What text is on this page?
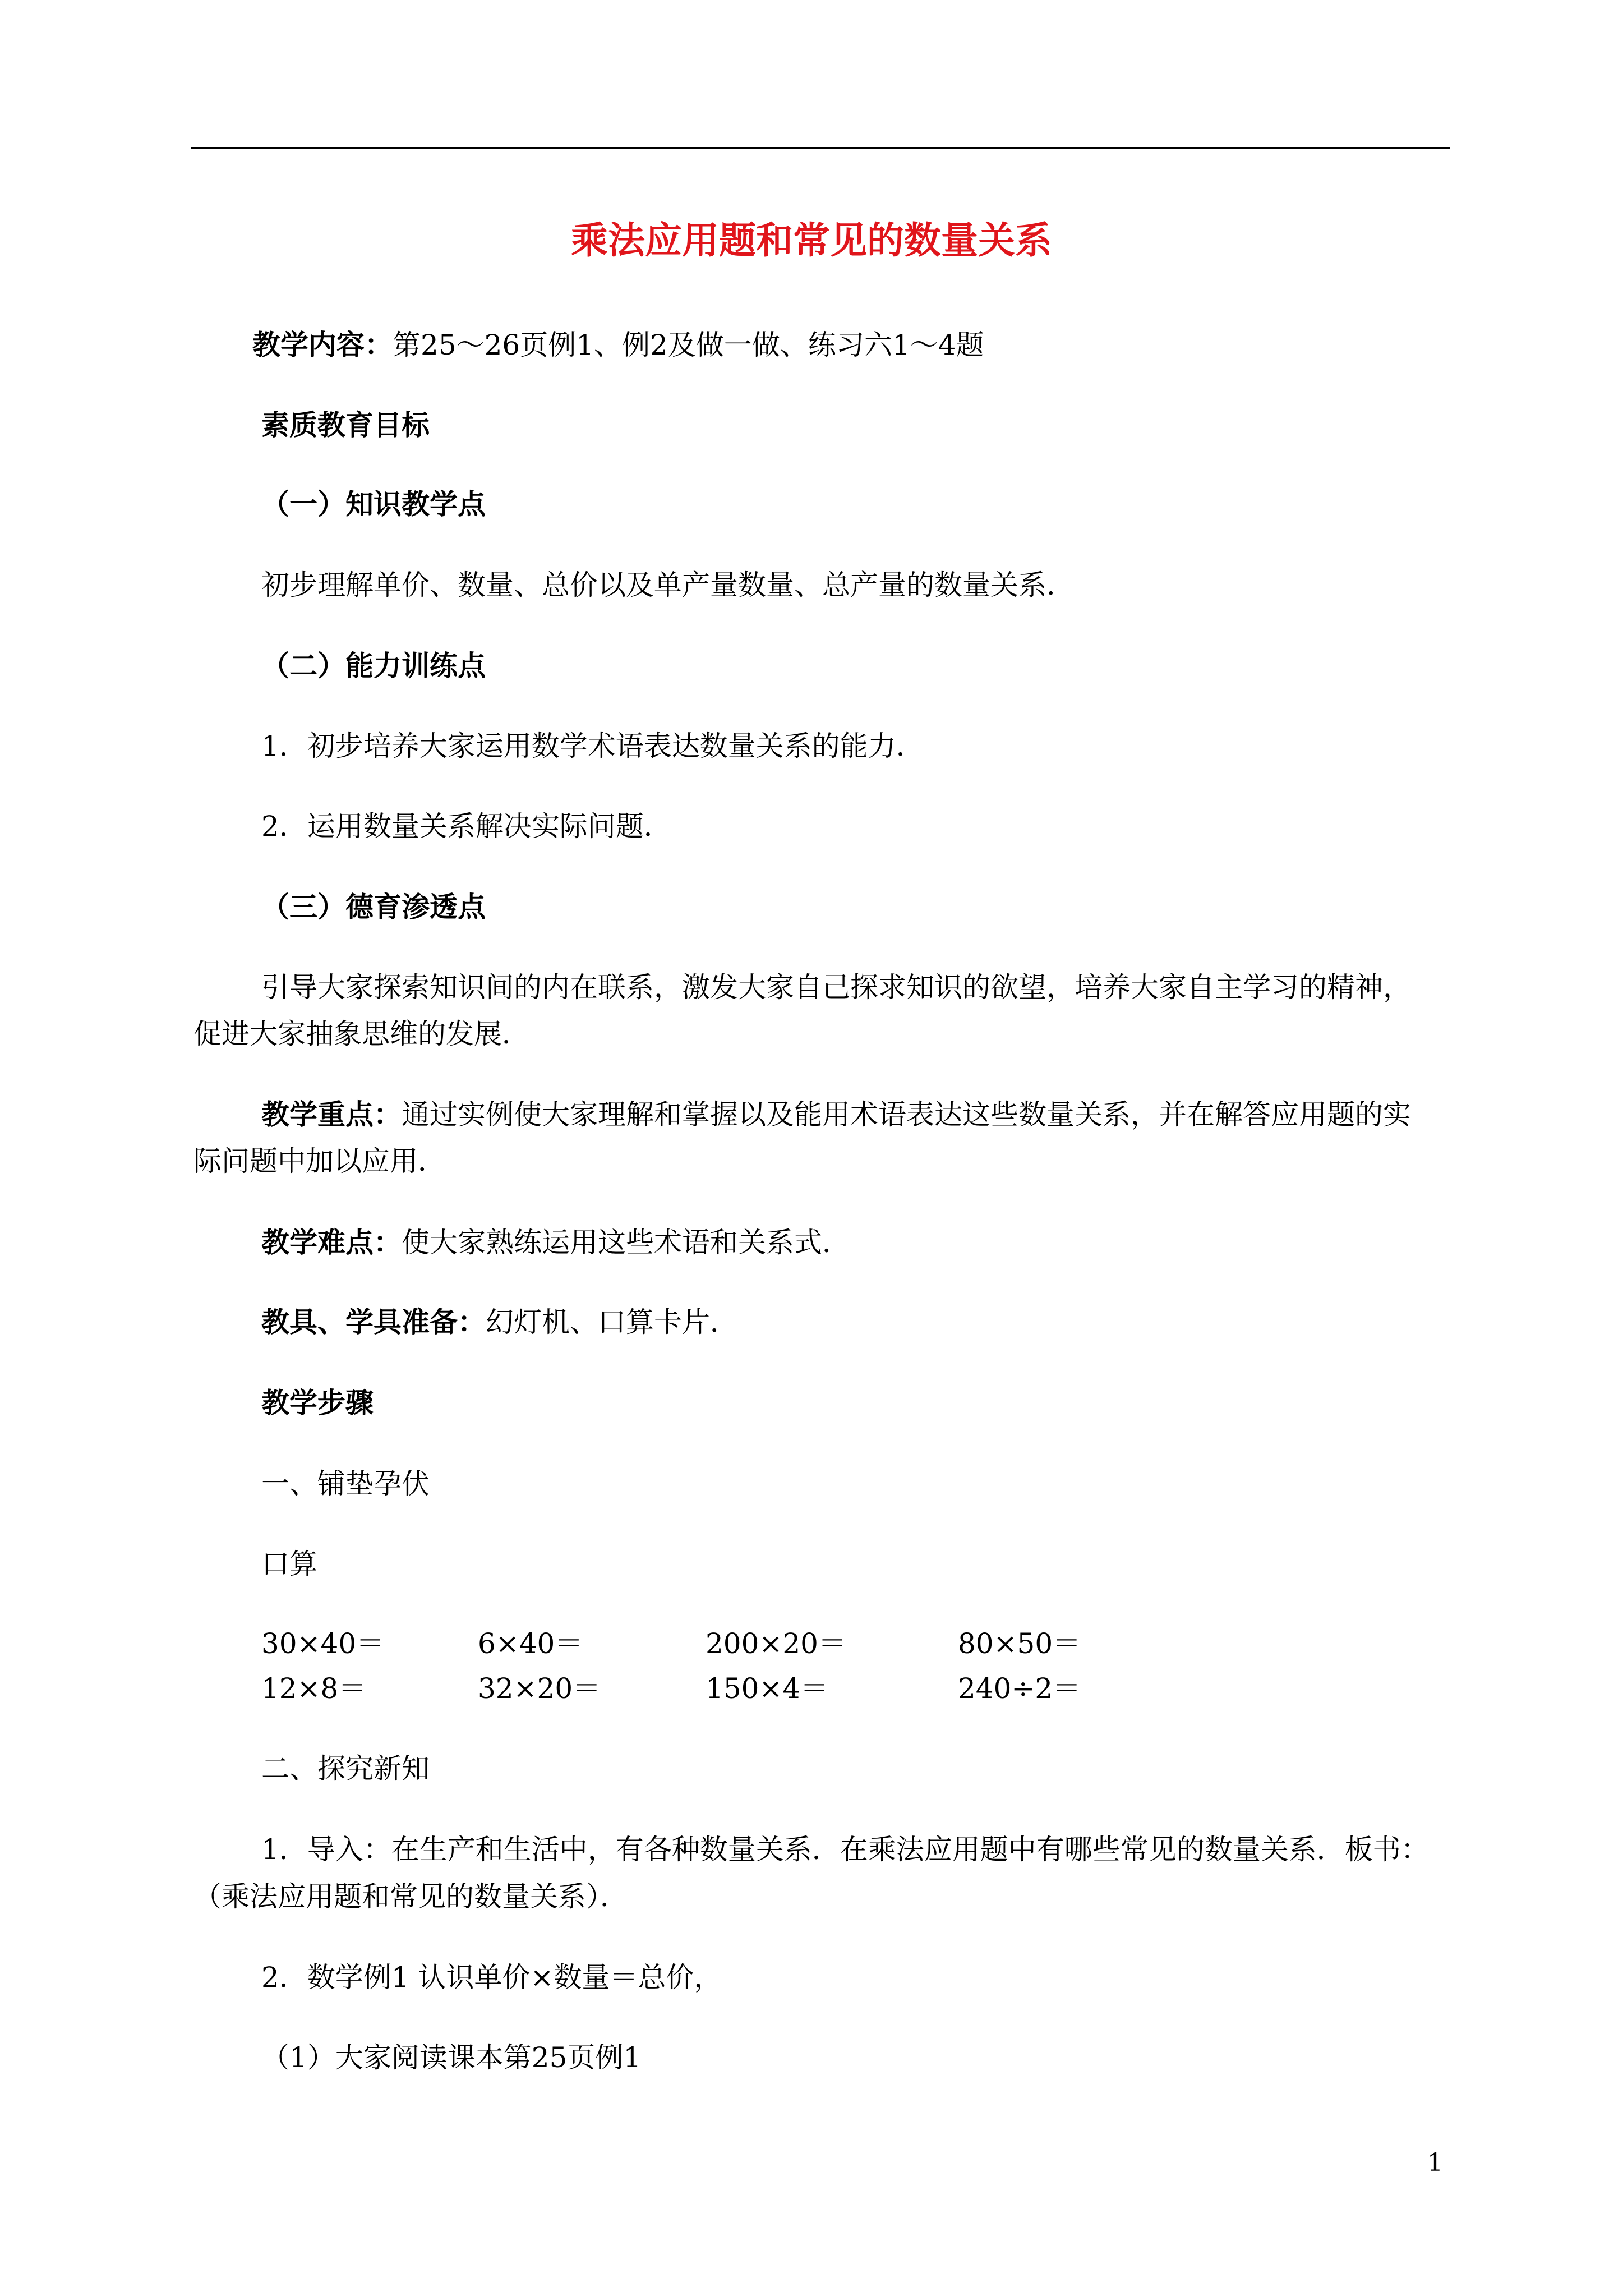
乘法应用题和常见的数量关系
教学内容：第25～26页例1、例2及做一做、练习六1～4题
素质教育目标
（一）知识教学点
初步理解单价、数量、总价以及单产量数量、总产量的数量关系．
（二）能力训练点
1．初步培养大家运用数学术语表达数量关系的能力．
2．运用数量关系解决实际问题．
（三）德育渗透点
引导大家探索知识间的内在联系，激发大家自己探求知识的欲望，培养大家自主学习的精神，
促进大家抽象思维的发展．
教学重点：通过实例使大家理解和掌握以及能用术语表达这些数量关系，并在解答应用题的实
际问题中加以应用．
教学难点：使大家熟练运用这些术语和关系式．
教具、学具准备：幻灯机、口算卡片．
教学步骤
一、铺垫孕伏
口算
30×40＝	6×40＝	200×20＝	80×50＝
12×8＝	32×20＝	150×4＝	240÷2＝
二、探究新知
1．导入：在生产和生活中，有各种数量关系．在乘法应用题中有哪些常见的数量关系．板书：
（乘法应用题和常见的数量关系）．
2．数学例1 认识单价×数量＝总价，
（1）大家阅读课本第25页例1
1
